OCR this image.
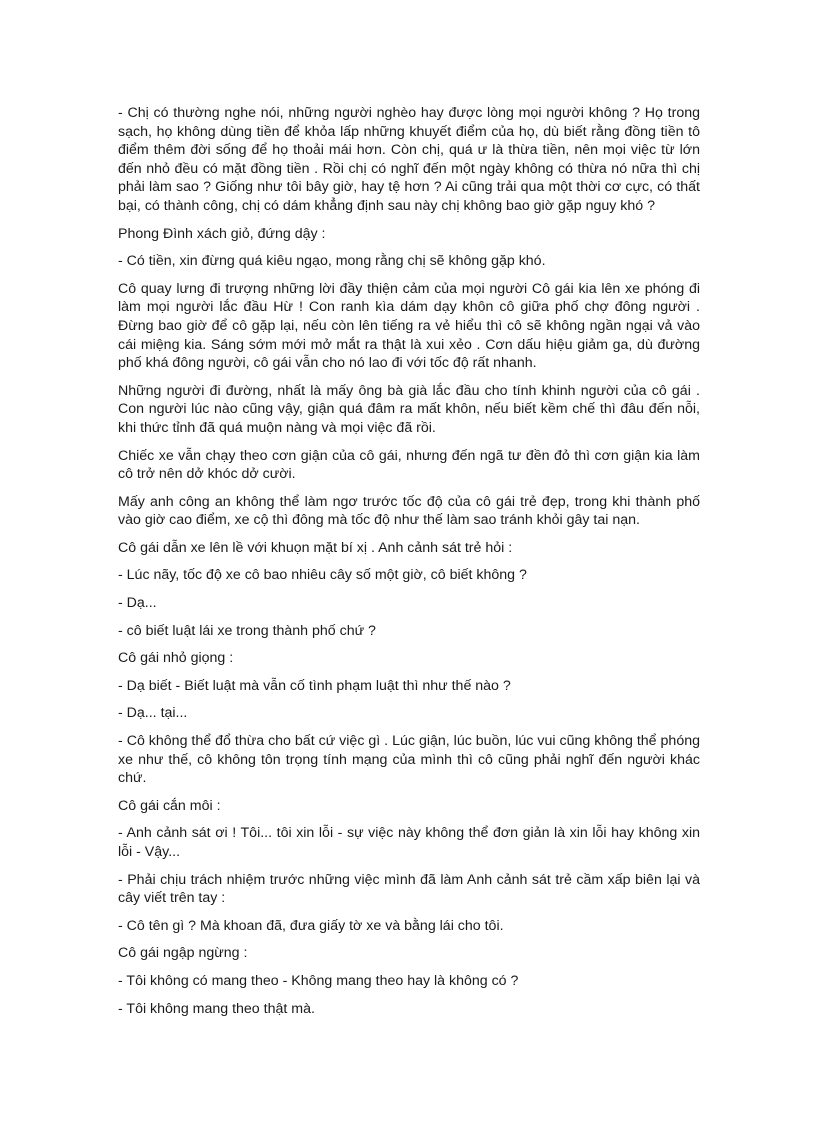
- Chị có thường nghe nói, những người nghèo hay được lòng mọi người không ? Họ trong sạch, họ không dùng tiền để khỏa lấp những khuyết điểm của họ, dù biết rằng đồng tiền tô điểm thêm đời sống để họ thoải mái hơn. Còn chị, quá ư là thừa tiền, nên mọi việc từ lớn đến nhỏ đều có mặt đồng tiền . Rồi chị có nghĩ đến một ngày không có thừa nó nữa thì chị phải làm sao ? Giống như tôi bây giờ, hay tệ hơn ? Ai cũng trải qua một thời cơ cực, có thất bại, có thành công, chị có dám khẳng định sau này chị không bao giờ gặp nguy khó ?

Phong Đình xách giỏ, đứng dậy :

- Có tiền, xin đừng quá kiêu ngạo, mong rằng chị sẽ không gặp khó.

Cô quay lưng đi trượng những lời đầy thiện cảm của mọi người Cô gái kia lên xe phóng đi làm mọi người lắc đầu Hừ ! Con ranh kìa dám dạy khôn cô giữa phố chợ đông người . Đừng bao giờ để cô gặp lại, nếu còn lên tiếng ra vẻ hiểu thì cô sẽ không ngần ngại vả vào cái miệng kia. Sáng sớm mới mở mắt ra thật là xui xẻo . Cơn dấu hiệu giảm ga, dù đường phố khá đông người, cô gái vẫn cho nó lao đi với tốc độ rất nhanh.

Những người đi đường, nhất là mấy ông bà già lắc đầu cho tính khinh người của cô gái . Con người lúc nào cũng vậy, giận quá đâm ra mất khôn, nếu biết kềm chế thì đâu đến nỗi, khi thức tỉnh đã quá muộn nàng và mọi việc đã rồi.

Chiếc xe vẫn chạy theo cơn giận của cô gái, nhưng đến ngã tư đền đỏ thì cơn giận kia làm cô trở nên dở khóc dở cười.

Mấy anh công an không thể làm ngơ trước tốc độ của cô gái trẻ đẹp, trong khi thành phố vào giờ cao điểm, xe cộ thì đông mà tốc độ như thế làm sao tránh khỏi gây tai nạn.

Cô gái dẫn xe lên lề với khuọn mặt bí xị . Anh cảnh sát trẻ hỏi :

- Lúc nãy, tốc độ xe cô bao nhiêu cây số một giờ, cô biết không ?

- Dạ...

- cô biết luật lái xe trong thành phố chứ ?

Cô gái nhỏ giọng :

- Dạ biết - Biết luật mà vẫn cố tình phạm luật thì như thế nào ?

- Dạ... tại...

- Cô không thể đổ thừa cho bất cứ việc gì . Lúc giận, lúc buồn, lúc vui cũng không thể phóng xe như thế, cô không tôn trọng tính mạng của mình thì cô cũng phải nghĩ đến người khác chứ.

Cô gái cắn môi :

- Anh cảnh sát ơi ! Tôi... tôi xin lỗi - sự việc này không thể đơn giản là xin lỗi hay không xin lỗi - Vậy...

- Phải chịu trách nhiệm trước những việc mình đã làm Anh cảnh sát trẻ cầm xấp biên lại và cây viết trên tay :

- Cô tên gì ? Mà khoan đã, đưa giấy tờ xe và bằng lái cho tôi.

Cô gái ngập ngừng :

- Tôi không có mang theo - Không mang theo hay là không có ?

- Tôi không mang theo thật mà.
